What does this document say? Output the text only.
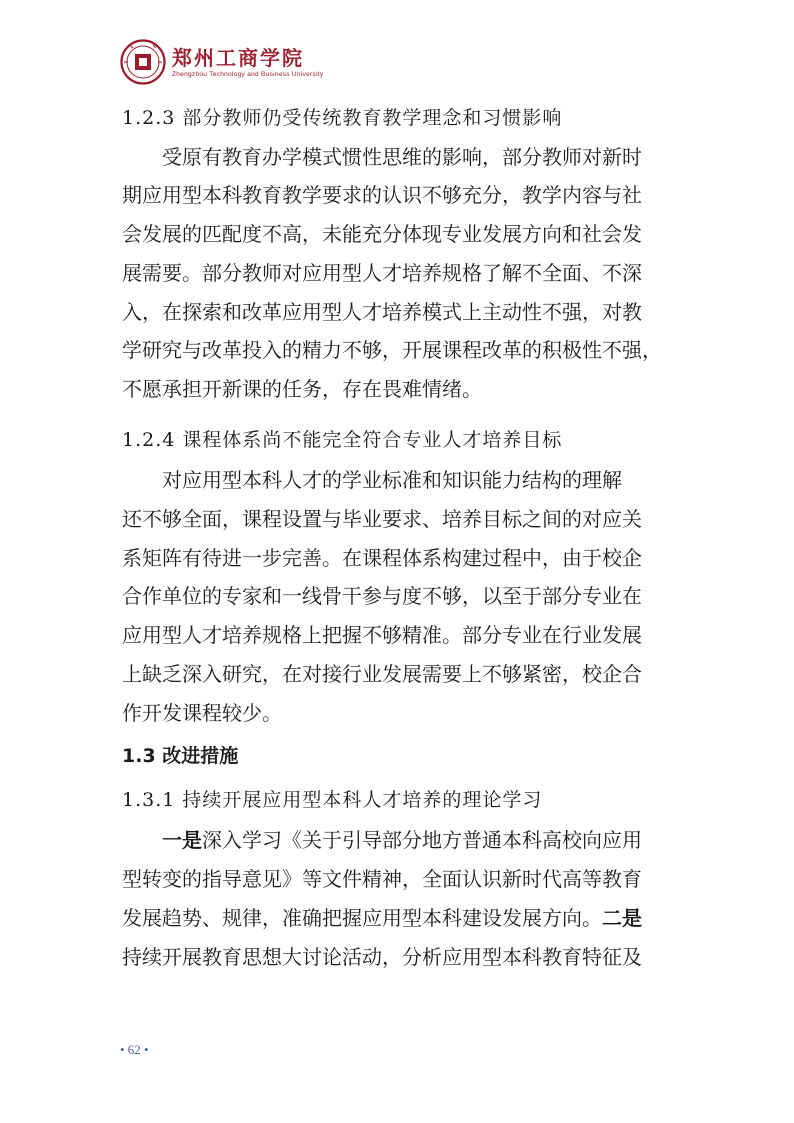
郑州工商学院
Zhengzhou Technology and Business University
1.2.3 部分教师仍受传统教育教学理念和习惯影响
受原有教育办学模式惯性思维的影响，部分教师对新时
期应用型本科教育教学要求的认识不够充分，教学内容与社
会发展的匹配度不高，未能充分体现专业发展方向和社会发
展需要。部分教师对应用型人才培养规格了解不全面、不深
入，在探索和改革应用型人才培养模式上主动性不强，对教
学研究与改革投入的精力不够，开展课程改革的积极性不强，
不愿承担开新课的任务，存在畏难情绪。
1.2.4 课程体系尚不能完全符合专业人才培养目标
对应用型本科人才的学业标准和知识能力结构的理解
还不够全面，课程设置与毕业要求、培养目标之间的对应关
系矩阵有待进一步完善。在课程体系构建过程中，由于校企
合作单位的专家和一线骨干参与度不够，以至于部分专业在
应用型人才培养规格上把握不够精准。部分专业在行业发展
上缺乏深入研究，在对接行业发展需要上不够紧密，校企合
作开发课程较少。
1.3 改进措施
1.3.1 持续开展应用型本科人才培养的理论学习
一是深入学习《关于引导部分地方普通本科高校向应用
型转变的指导意见》等文件精神，全面认识新时代高等教育
发展趋势、规律，准确把握应用型本科建设发展方向。二是
持续开展教育思想大讨论活动，分析应用型本科教育特征及
• 62 •
